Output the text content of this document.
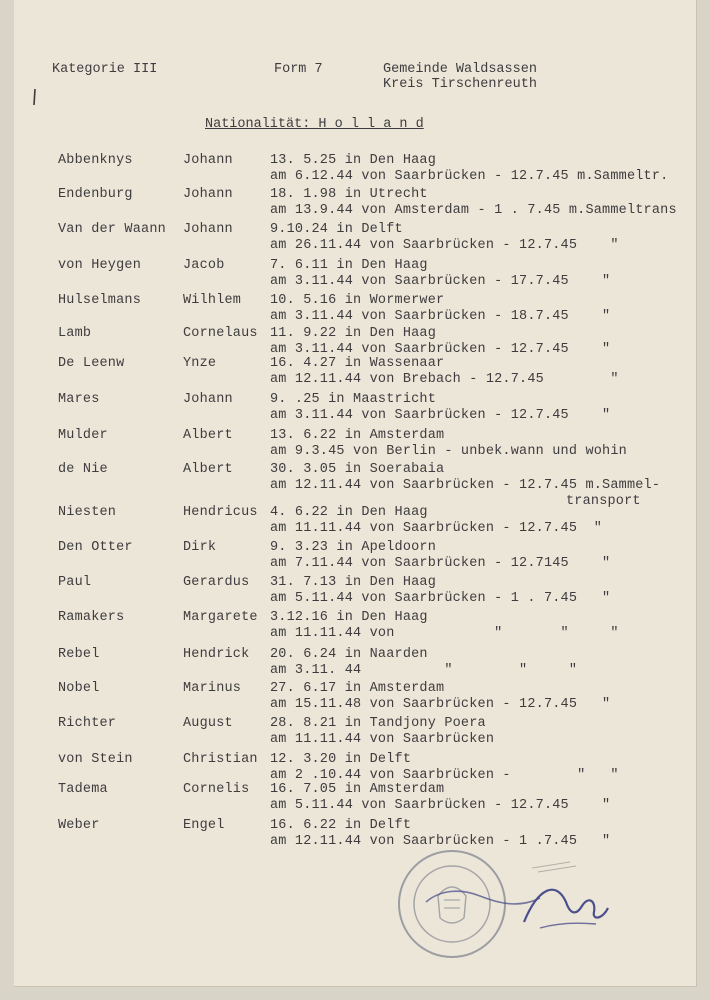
Kategorie III	Form 7	Gemeinde Waldsassen
Kreis Tirschenreuth
Nationalität: H o l l a n d
Abbenknys	Johann	13. 5.25 in Den Haag
am 6.12.44 von Saarbrücken - 12.7.45 m.Sammeltr.
Endenburg	Johann	18. 1.98 in Utrecht
am 13.9.44 von Amsterdam - 1 . 7.45 m.Sammeltrans
Van der Waann Johann	9.10.24 in Delft
am 26.11.44 von Saarbrücken - 12.7.45    "
von Heygen	Jacob	7. 6.11 in Den Haag
am 3.11.44 von Saarbrücken - 17.7.45    "
Hulselmans	Wilhlem 10. 5.16 in Wormerwer
am 3.11.44 von Saarbrücken - 18.7.45    "
Lamb	Cornelaus 11. 9.22 in Den Haag
am 3.11.44 von Saarbrücken - 12.7.45    "
De Leenw	Ynze	16. 4.27 in Wassenaar
am 12.11.44 von Brebach - 12.7.45        "
Mares	Johann	9. .25 in Maastricht
am 3.11.44 von Saarbrücken - 12.7.45    "
Mulder	Albert	13. 6.22 in Amsterdam
am 9.3.45 von Berlin - unbek.wann und wohin
de Nie	Albert	30. 3.05 in Soerabaia
am 12.11.44 von Saarbrücken - 12.7.45 m.Sammel-
transport
Niesten	Hendricus 4. 6.22 in Den Haag
am 11.11.44 von Saarbrücken - 12.7.45  "
Den Otter	Dirk	9. 3.23 in Apeldoorn
am 7.11.44 von Saarbrücken - 12.7145    "
Paul	Gerardus 31. 7.13 in Den Haag
am 5.11.44 von Saarbrücken - 1 . 7.45   "
Ramakers	Margarete 3.12.16 in Den Haag
am 11.11.44 von            "       "     "
Rebel	Hendrick 20. 6.24 in Naarden
am 3.11. 44          "        "     "
Nobel	Marinus 27. 6.17 in Amsterdam
am 15.11.48 von Saarbrücken - 12.7.45   "
Richter	August	28. 8.21 in Tandjony Poera
am 11.11.44 von Saarbrücken
von Stein	Christian 12. 3.20 in Delft
am 2 .10.44 von Saarbrücken -        "   "
Tadema	Cornelis 16. 7.05 in Amsterdam
am 5.11.44 von Saarbrücken - 12.7.45    "
Weber	Engel	16. 6.22 in Delft
am 12.11.44 von Saarbrücken - 1 .7.45   "
